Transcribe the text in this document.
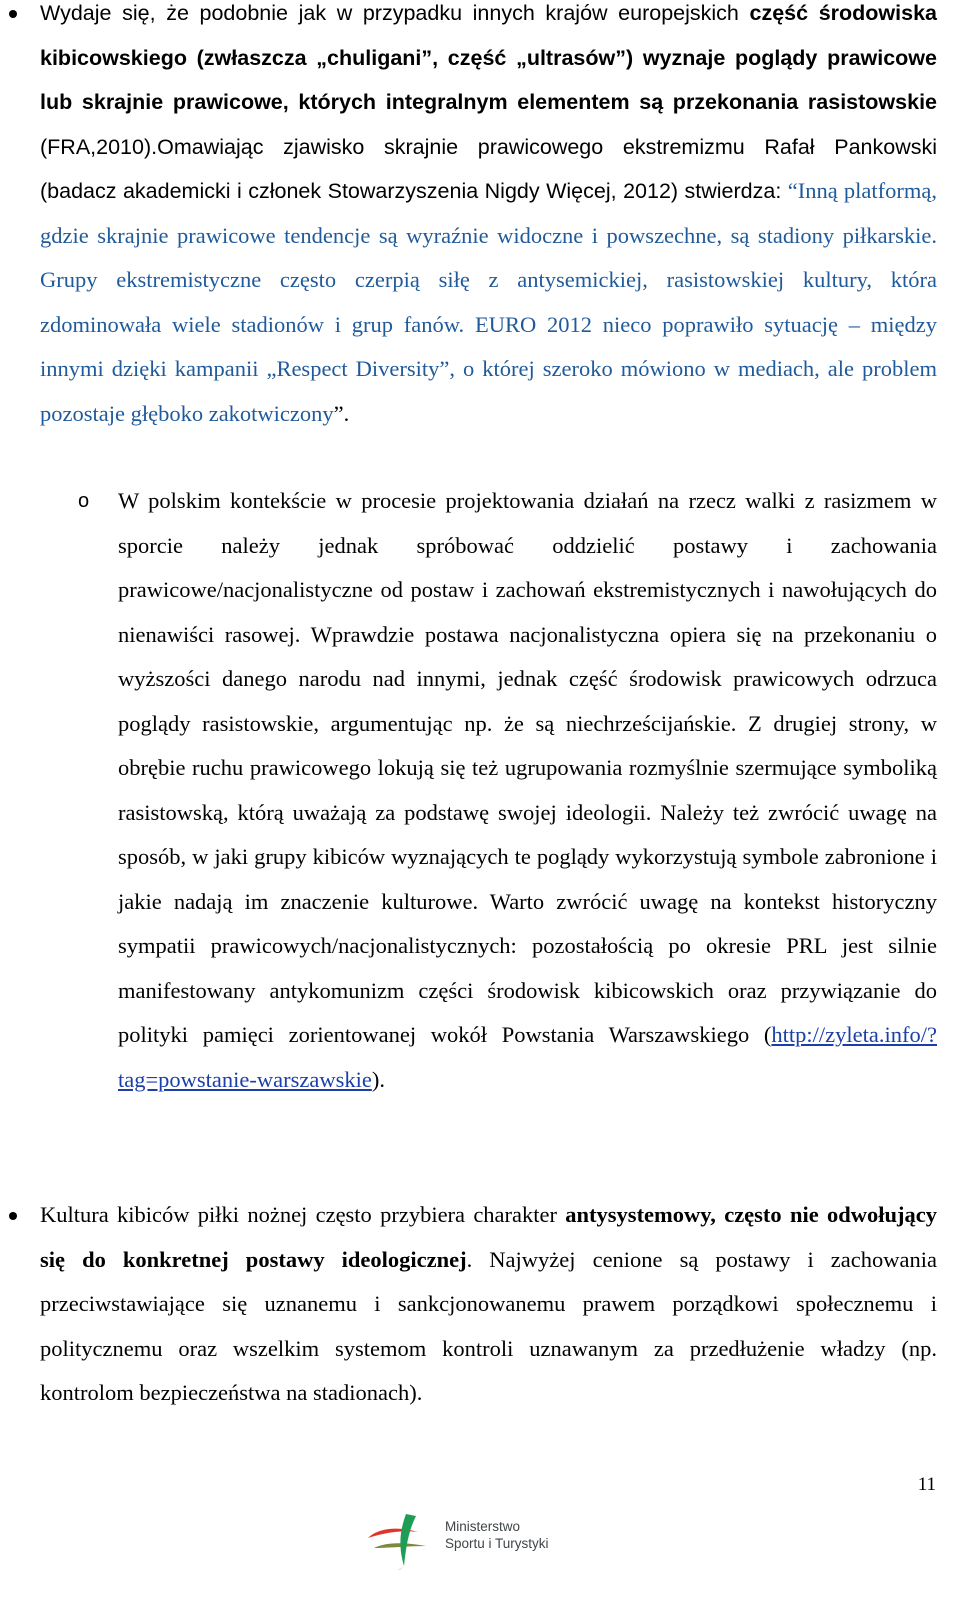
Wydaje się, że podobnie jak w przypadku innych krajów europejskich część środowiska kibicowskiego (zwłaszcza „chuligani”, część „ultrasów”) wyznaje poglądy prawicowe lub skrajnie prawicowe, których integralnym elementem są przekonania rasistowskie (FRA,2010).Omawiając zjawisko skrajnie prawicowego ekstremizmu Rafał Pankowski (badacz akademicki i członek Stowarzyszenia Nigdy Więcej, 2012) stwierdza: “Inną platformą, gdzie skrajnie prawicowe tendencje są wyraźnie widoczne i powszechne, są stadiony piłkarskie. Grupy ekstremistyczne często czerpią siłę z antysemickiej, rasistowskiej kultury, która zdominowała wiele stadionów i grup fanów. EURO 2012 nieco poprawiło sytuację – między innymi dzięki kampanii „Respect Diversity”, o której szeroko mówiono w mediach, ale problem pozostaje głęboko zakotwiczony”.

o W polskim kontekście w procesie projektowania działań na rzecz walki z rasizmem w sporcie należy jednak spróbować oddzielić postawy i zachowania prawicowe/nacjonalistyczne od postaw i zachowań ekstremistycznych i nawołujących do nienawiści rasowej. Wprawdzie postawa nacjonalistyczna opiera się na przekonaniu o wyższości danego narodu nad innymi, jednak część środowisk prawicowych odrzuca poglądy rasistowskie, argumentując np. że są niechrześcijańskie. Z drugiej strony, w obrębie ruchu prawicowego lokują się też ugrupowania rozmyślnie szermujące symboliką rasistowską, którą uważają za podstawę swojej ideologii. Należy też zwrócić uwagę na sposób, w jaki grupy kibiców wyznających te poglądy wykorzystują symbole zabronione i jakie nadają im znaczenie kulturowe. Warto zwrócić uwagę na kontekst historyczny sympatii prawicowych/nacjonalistycznych: pozostałością po okresie PRL jest silnie manifestowany antykomunizm części środowisk kibicowskich oraz przywiązanie do polityki pamięci zorientowanej wokół Powstania Warszawskiego (http://zyleta.info/?tag=powstanie-warszawskie).

Kultura kibiców piłki nożnej często przybiera charakter antysystemowy, często nie odwołujący się do konkretnej postawy ideologicznej. Najwyżej cenione są postawy i zachowania przeciwstawiające się uznanemu i sankcjonowanemu prawem porządkowi społecznemu i politycznemu oraz wszelkim systemom kontroli uznawanym za przedłużenie władzy (np. kontrolom bezpieczeństwa na stadionach).

11
Ministerstwo
Sportu i Turystyki
